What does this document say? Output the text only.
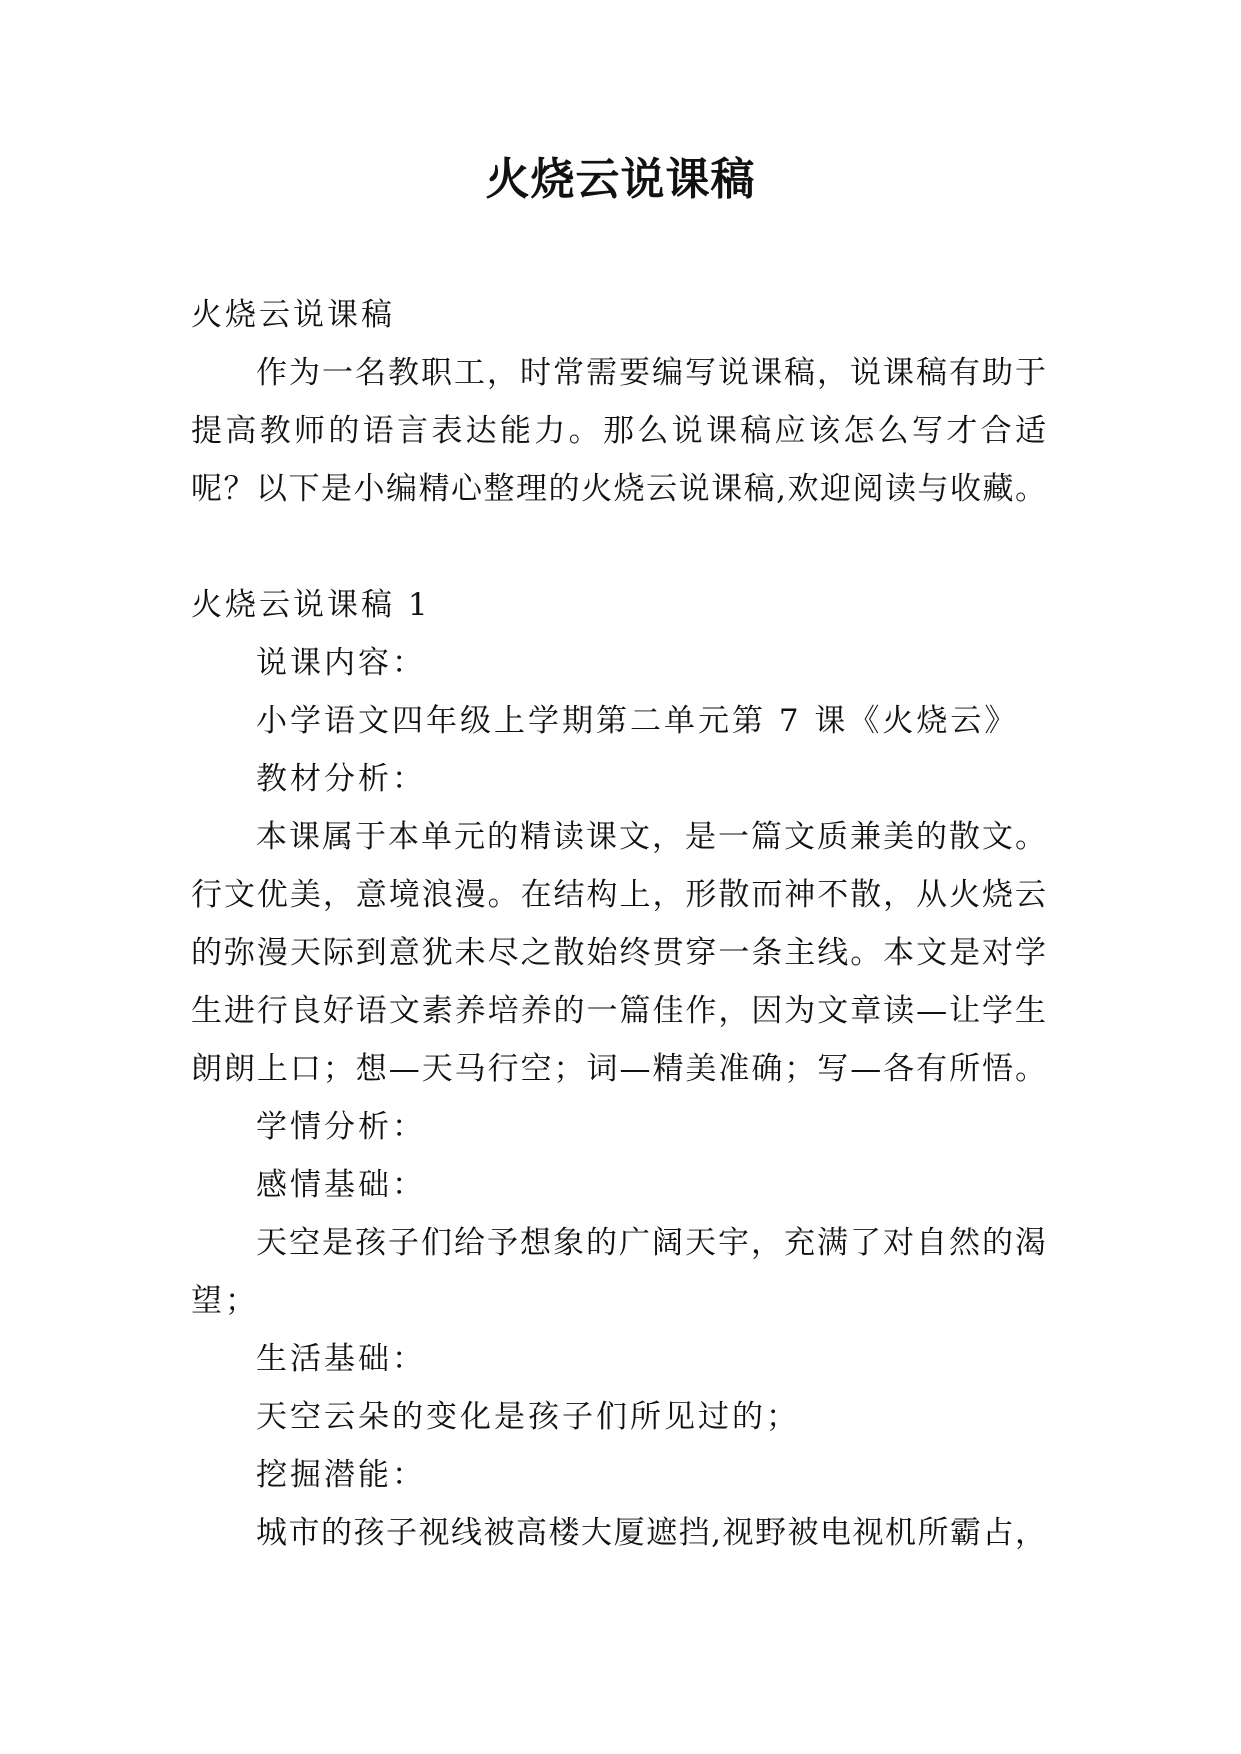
火烧云说课稿
火烧云说课稿
作为一名教职工，时常需要编写说课稿，说课稿有助于
提高教师的语言表达能力。那么说课稿应该怎么写才合适
呢？以下是小编精心整理的火烧云说课稿,欢迎阅读与收藏。
火烧云说课稿 1
说课内容：
小学语文四年级上学期第二单元第 7 课《火烧云》
教材分析：
本课属于本单元的精读课文，是一篇文质兼美的散文。
行文优美，意境浪漫。在结构上，形散而神不散，从火烧云
的弥漫天际到意犹未尽之散始终贯穿一条主线。本文是对学
生进行良好语文素养培养的一篇佳作，因为文章读—让学生
朗朗上口；想—天马行空；词—精美准确；写—各有所悟。
学情分析：
感情基础：
天空是孩子们给予想象的广阔天宇，充满了对自然的渴
望；
生活基础：
天空云朵的变化是孩子们所见过的；
挖掘潜能：
城市的孩子视线被高楼大厦遮挡,视野被电视机所霸占，
